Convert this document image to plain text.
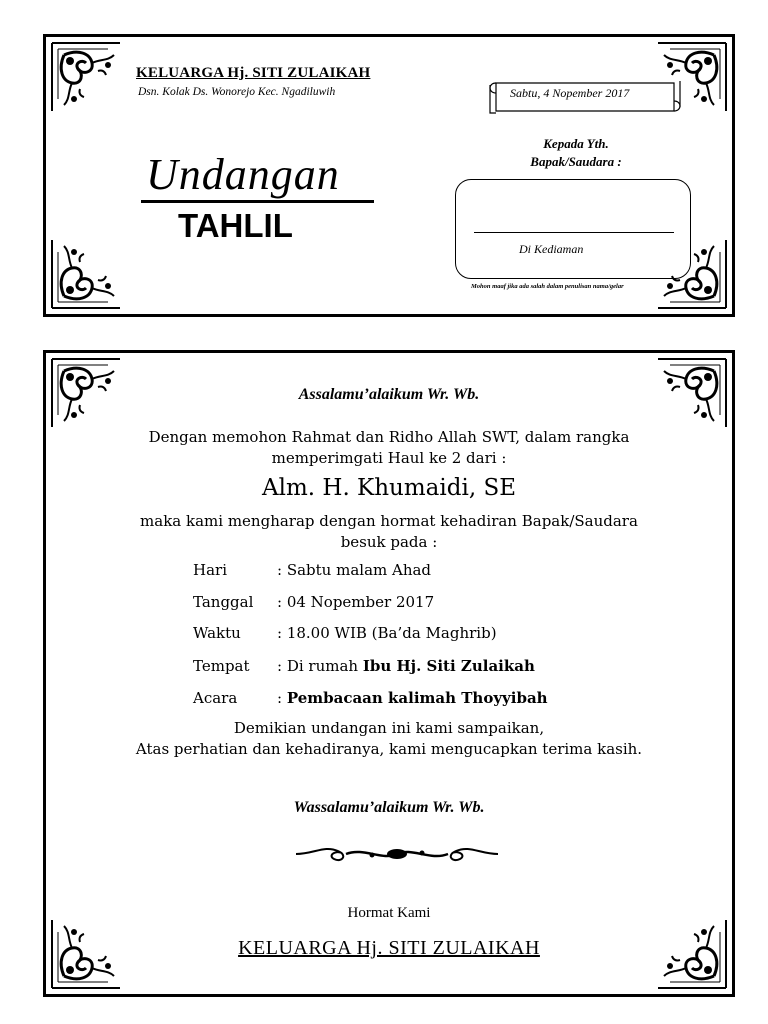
KELUARGA Hj. SITI ZULAIKAH
Dsn. Kolak Ds. Wonorejo Kec. Ngadiluwih	Sabtu, 4 Nopember 2017
Undangan
TAHLIL
Kepada Yth.
Bapak/Saudara :
Di Kediaman
Mohon maaf jika ada salah dalam penulisan nama/gelar
Assalamu’alaikum Wr. Wb.
Dengan memohon Rahmat dan Ridho Allah SWT, dalam rangka
memperimgati Haul ke 2 dari :
Alm. H. Khumaidi, SE
maka kami mengharap dengan hormat kehadiran Bapak/Saudara
besuk pada :
Hari	: Sabtu malam Ahad
Tanggal : 04 Nopember 2017
Waktu : 18.00 WIB (Ba’da Maghrib)
Tempat : Di rumah Ibu Hj. Siti Zulaikah
Acara	: Pembacaan kalimah Thoyyibah
Demikian undangan ini kami sampaikan,
Atas perhatian dan kehadiranya, kami mengucapkan terima kasih.
Wassalamu’alaikum Wr. Wb.
Hormat Kami
KELUARGA Hj. SITI ZULAIKAH
